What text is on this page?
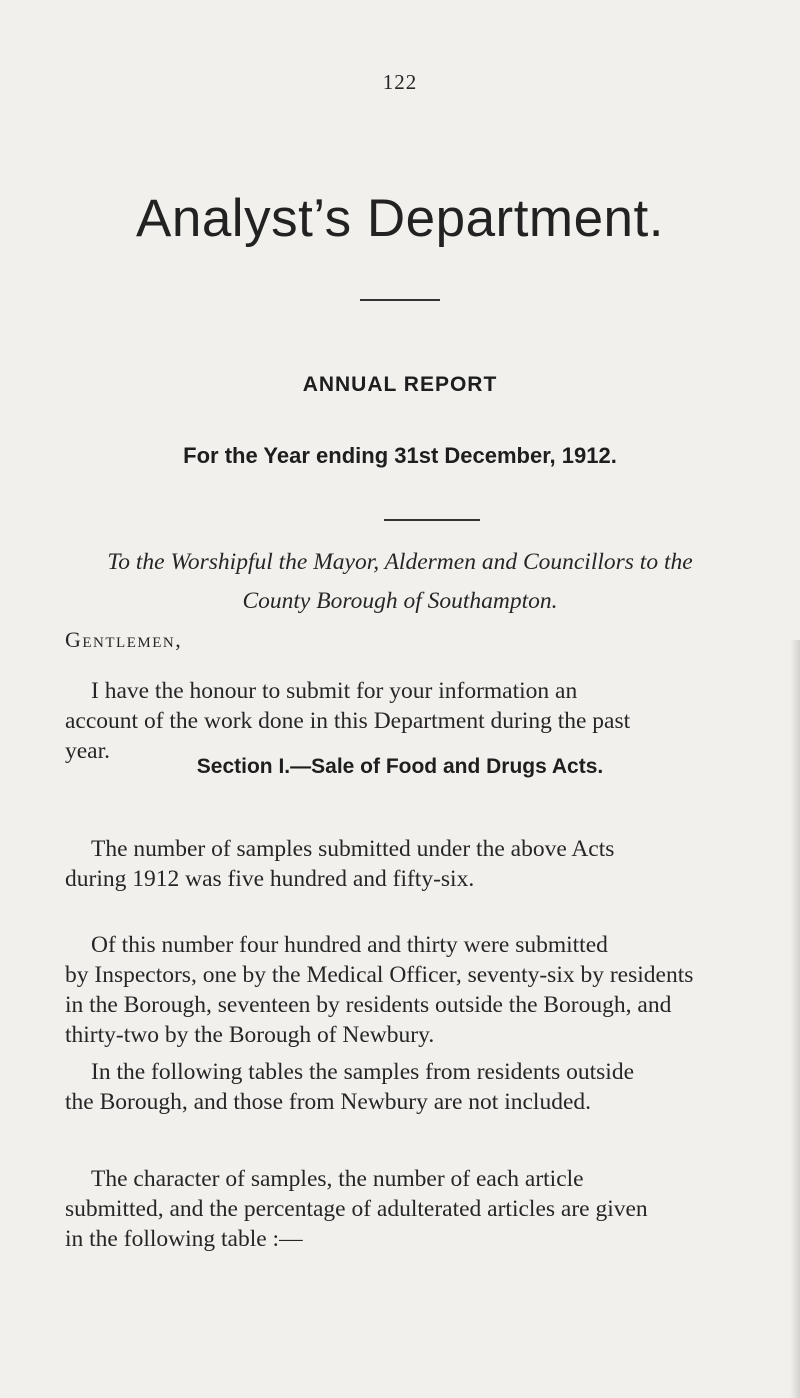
122
Analyst’s Department.
ANNUAL REPORT
For the Year ending 31st December, 1912.
To the Worshipful the Mayor, Aldermen and Councillors to the
County Borough of Southampton.
Gentlemen,
I have the honour to submit for your information an
account of the work done in this Department during the past
year.
Section I.—Sale of Food and Drugs Acts.
The number of samples submitted under the above Acts
during 1912 was five hundred and fifty-six.
Of this number four hundred and thirty were submitted
by Inspectors, one by the Medical Officer, seventy-six by residents
in the Borough, seventeen by residents outside the Borough, and
thirty-two by the Borough of Newbury.
In the following tables the samples from residents outside
the Borough, and those from Newbury are not included.
The character of samples, the number of each article
submitted, and the percentage of adulterated articles are given
in the following table :—
